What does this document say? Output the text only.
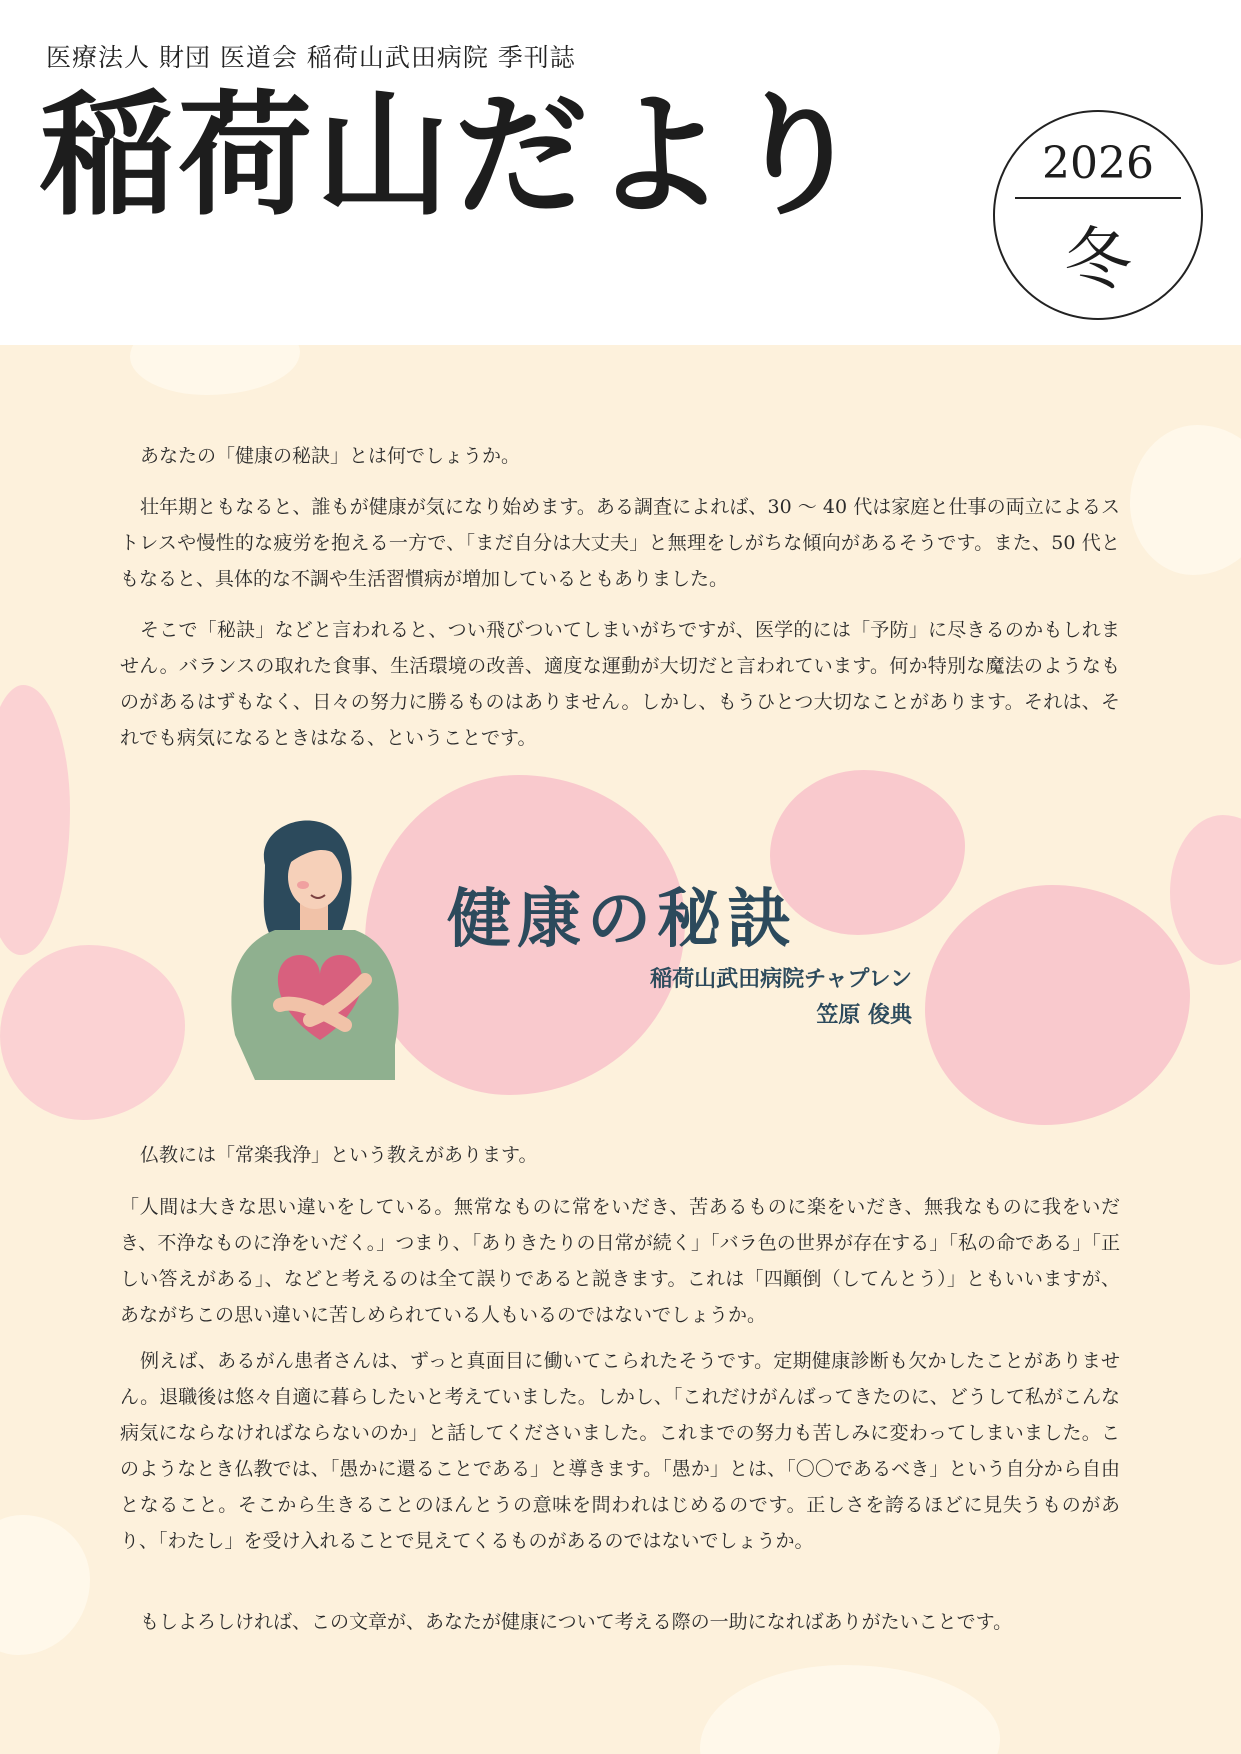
医療法人 財団 医道会 稲荷山武田病院 季刊誌
稲荷山だより	2026
冬

あなたの「健康の秘訣」とは何でしょうか。

壮年期ともなると、誰もが健康が気になり始めます。ある調査によれば、30 〜 40 代は家庭と仕事の両立によるストレスや慢性的な疲労を抱える一方で、「まだ自分は大丈夫」と無理をしがちな傾向があるそうです。また、50 代ともなると、具体的な不調や生活習慣病が増加しているともありました。

そこで「秘訣」などと言われると、つい飛びついてしまいがちですが、医学的には「予防」に尽きるのかもしれません。バランスの取れた食事、生活環境の改善、適度な運動が大切だと言われています。何か特別な魔法のようなものがあるはずもなく、日々の努力に勝るものはありません。しかし、もうひとつ大切なことがあります。それは、それでも病気になるときはなる、ということです。

健康の秘訣
稲荷山武田病院チャプレン
笠原 俊典

仏教には「常楽我浄」という教えがあります。

「人間は大きな思い違いをしている。無常なものに常をいだき、苦あるものに楽をいだき、無我なものに我をいだき、不浄なものに浄をいだく。」つまり、「ありきたりの日常が続く」「バラ色の世界が存在する」「私の命である」「正しい答えがある」、などと考えるのは全て誤りであると説きます。これは「四顚倒（してんとう）」ともいいますが、あながちこの思い違いに苦しめられている人もいるのではないでしょうか。

例えば、あるがん患者さんは、ずっと真面目に働いてこられたそうです。定期健康診断も欠かしたことがありません。退職後は悠々自適に暮らしたいと考えていました。しかし、「これだけがんばってきたのに、どうして私がこんな病気にならなければならないのか」と話してくださいました。これまでの努力も苦しみに変わってしまいました。このようなとき仏教では、「愚かに還ることである」と導きます。「愚か」とは、「〇〇であるべき」という自分から自由となること。そこから生きることのほんとうの意味を問われはじめるのです。正しさを誇るほどに見失うものがあり、「わたし」を受け入れることで見えてくるものがあるのではないでしょうか。

もしよろしければ、この文章が、あなたが健康について考える際の一助になればありがたいことです。
